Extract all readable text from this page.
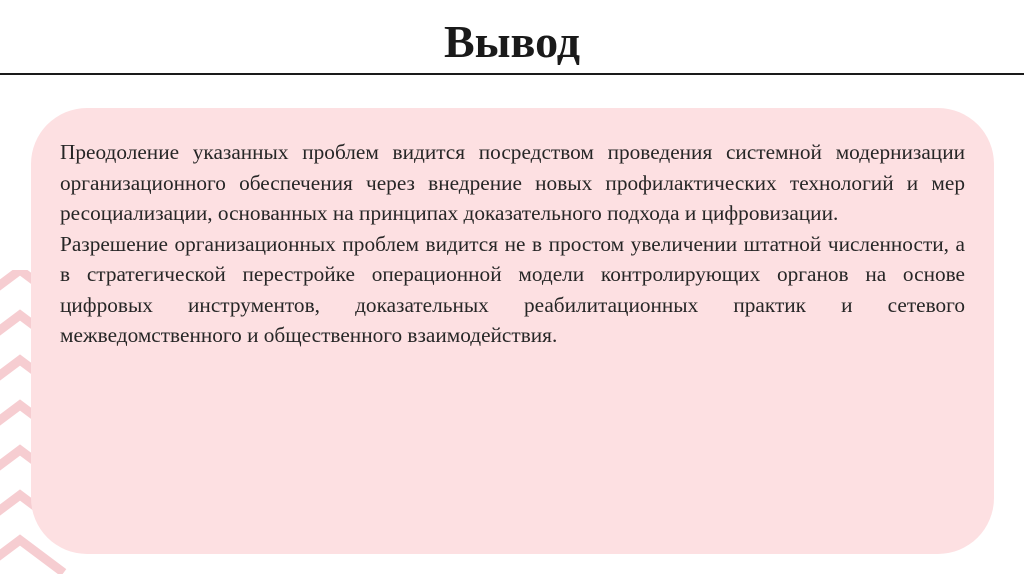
Вывод

Преодоление указанных проблем видится посредством проведения системной модернизации организационного обеспечения через внедрение новых профилактических технологий и мер ресоциализации, основанных на принципах доказательного подхода и цифровизации.

Разрешение организационных проблем видится не в простом увеличении штатной численности, а в стратегической перестройке операционной модели контролирующих органов на основе цифровых инструментов, доказательных реабилитационных практик и сетевого межведомственного и общественного взаимодействия.
